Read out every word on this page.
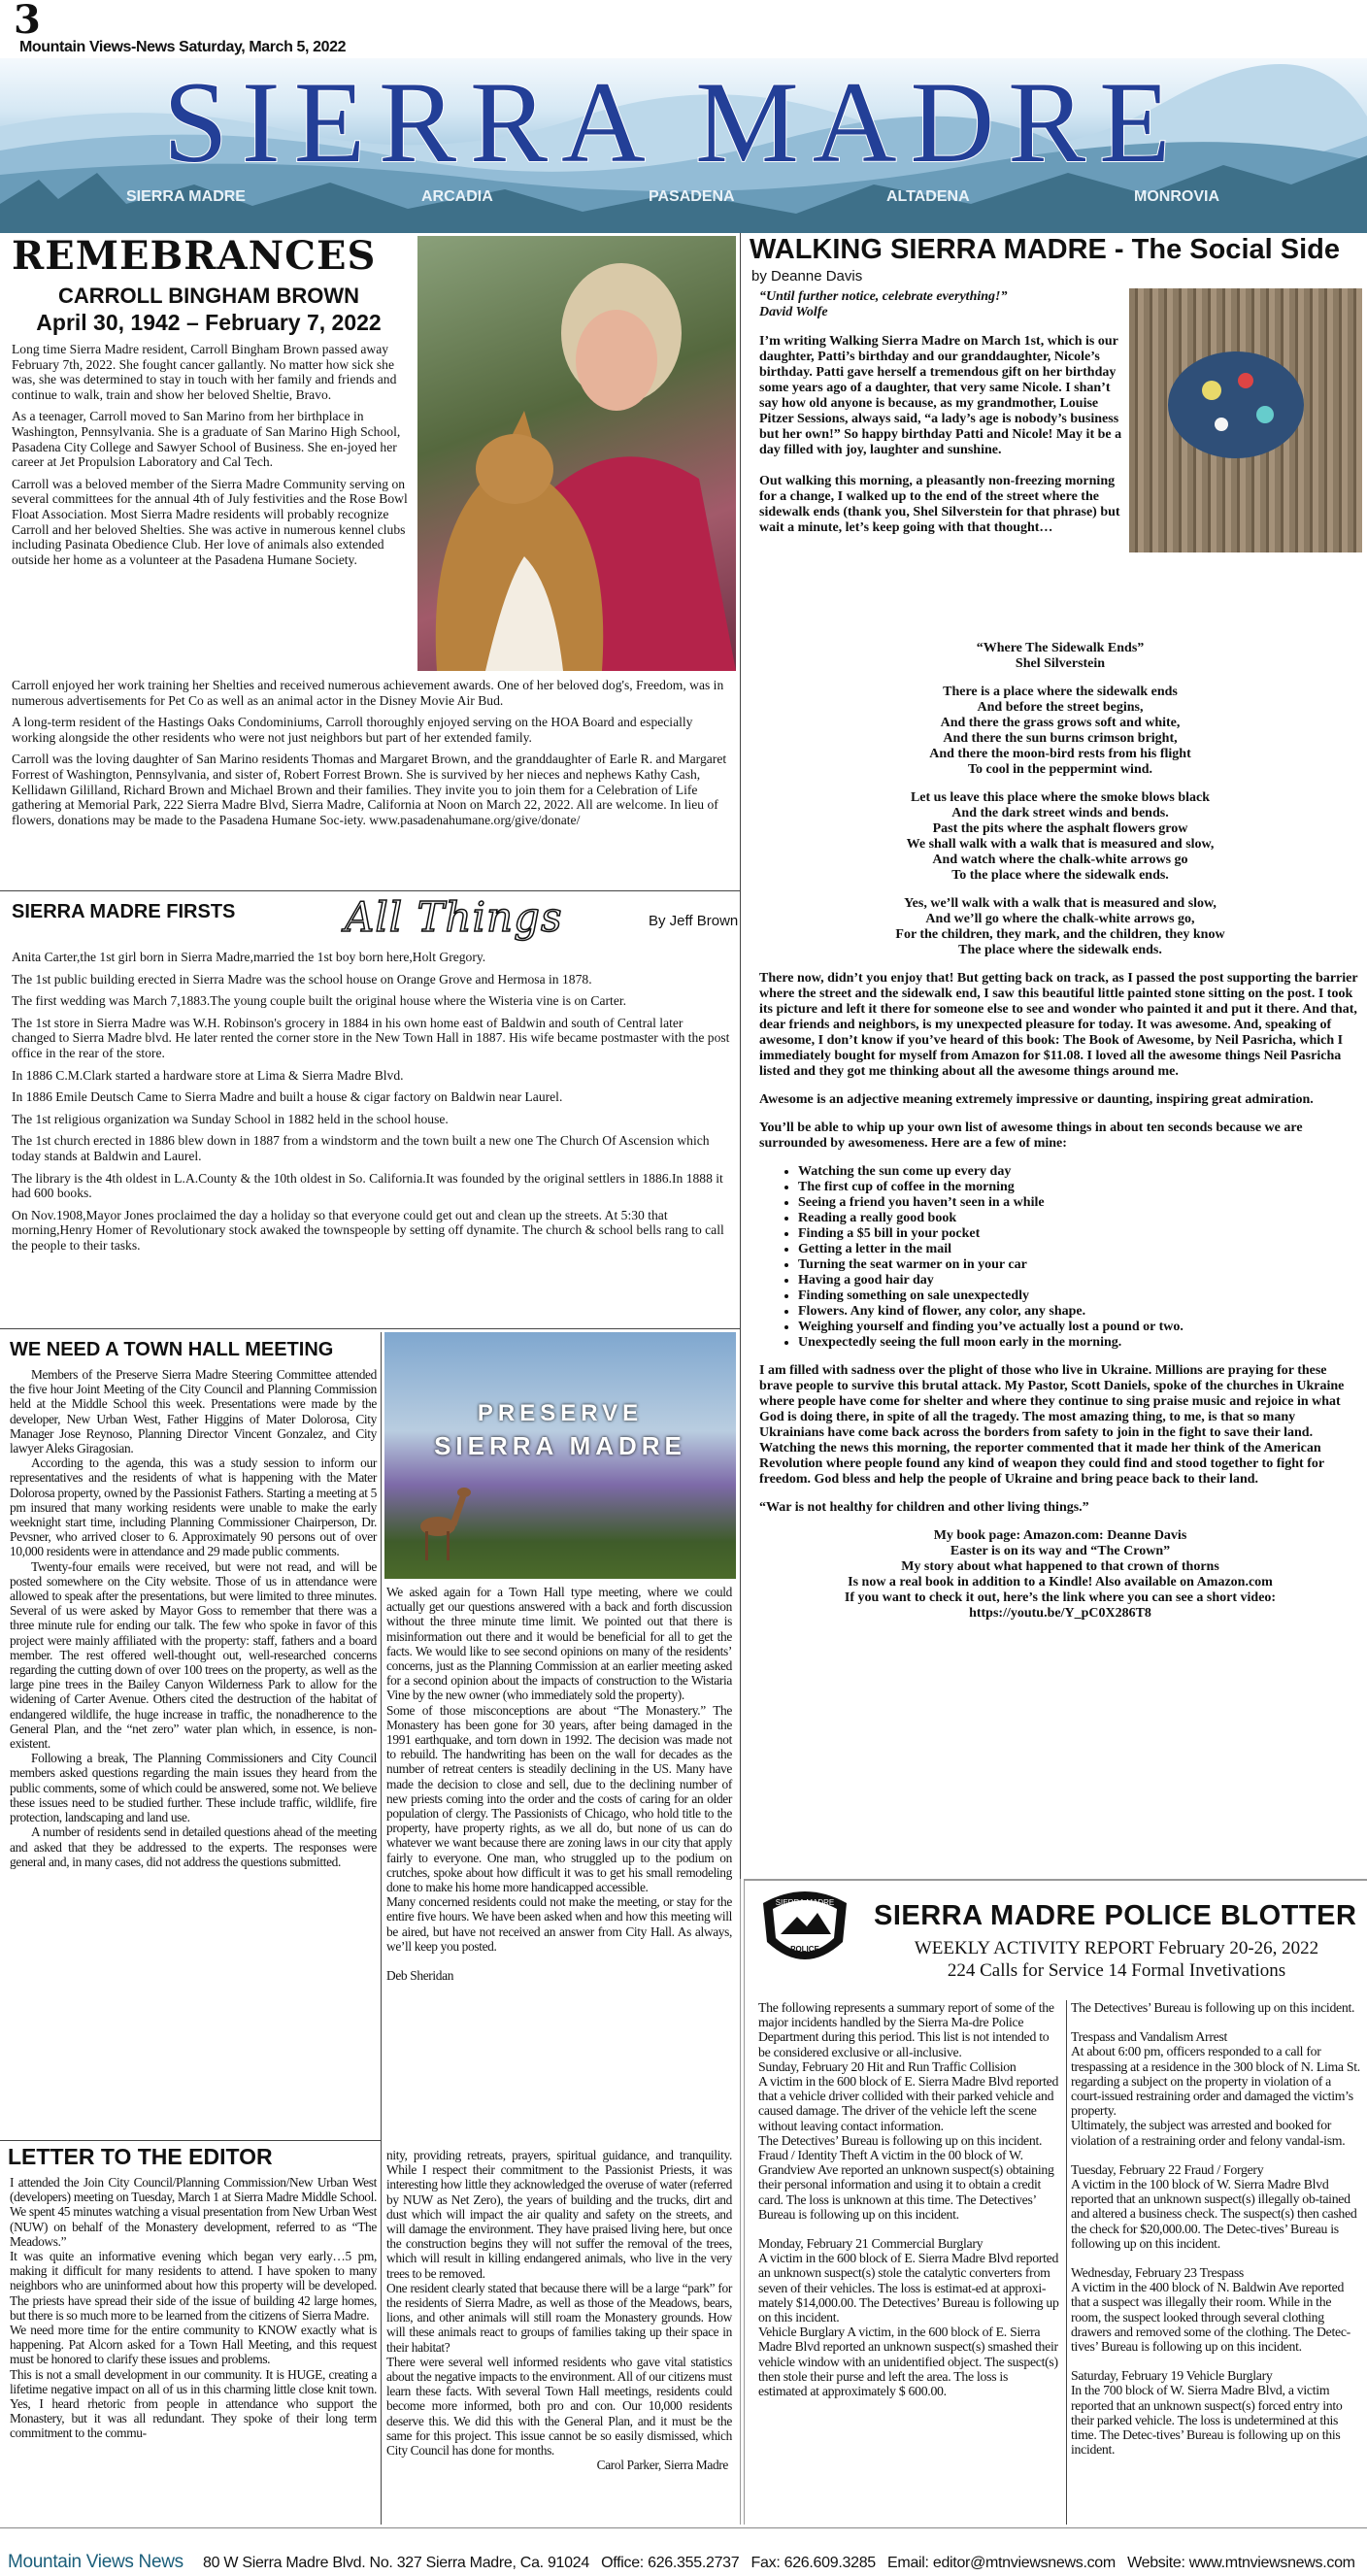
3
Mountain Views-News Saturday, March 5, 2022
SIERRA MADRE
SIERRA MADRE	ARCADIA	PASADENA	ALTADENA	MONROVIA
REMEBRANCES
CARROLL BINGHAM BROWN
April 30, 1942 – February 7, 2022

Long time Sierra Madre resident, Carroll Bingham Brown passed away February 7th, 2022. She fought cancer gallantly. No matter how sick she was, she was determined to stay in touch with her family and friends and continue to walk, train and show her beloved Sheltie, Bravo.

As a teenager, Carroll moved to San Marino from her birthplace in Washington, Pennsylvania. She is a graduate of San Marino High School, Pasadena City College and Sawyer School of Business. She en-joyed her career at Jet Propulsion Laboratory and Cal Tech.

Carroll was a beloved member of the Sierra Madre Community serving on several committees for the annual 4th of July festivities and the Rose Bowl Float Association. Most Sierra Madre residents will probably recognize Carroll and her beloved Shelties. She was active in numerous kennel clubs including Pasinata Obedience Club. Her love of animals also extended outside her home as a volunteer at the Pasadena Humane Society.

Carroll enjoyed her work training her Shelties and received numerous achievement awards. One of her beloved dog's, Freedom, was in numerous advertisements for Pet Co as well as an animal actor in the Disney Movie Air Bud.

A long-term resident of the Hastings Oaks Condominiums, Carroll thoroughly enjoyed serving on the HOA Board and especially working alongside the other residents who were not just neighbors but part of her extended family.

Carroll was the loving daughter of San Marino residents Thomas and Margaret Brown, and the granddaughter of Earle R. and Margaret Forrest of Washington, Pennsylvania, and sister of, Robert Forrest Brown. She is survived by her nieces and nephews Kathy Cash, Kellidawn Gililland, Richard Brown and Michael Brown and their families. They invite you to join them for a Celebration of Life gathering at Memorial Park, 222 Sierra Madre Blvd, Sierra Madre, California at Noon on March 22, 2022. All are welcome. In lieu of flowers, donations may be made to the Pasadena Humane Soc-iety. www.pasadenahumane.org/give/donate/

SIERRA MADRE FIRSTS	All Things	By Jeff Brown

Anita Carter,the 1st girl born in Sierra Madre,married the 1st boy born here,Holt Gregory.

The 1st public building erected in Sierra Madre was the school house on Orange Grove and Hermosa in 1878.

The first wedding was March 7,1883.The young couple built the original house where the Wisteria vine is on Carter.

The 1st store in Sierra Madre was W.H. Robinson's grocery in 1884 in his own home east of Baldwin and south of Central later changed to Sierra Madre blvd. He later rented the corner store in the New Town Hall in 1887. His wife became postmaster with the post office in the rear of the store.

In 1886 C.M.Clark started a hardware store at Lima & Sierra Madre Blvd.

In 1886 Emile Deutsch Came to Sierra Madre and built a house & cigar factory on Baldwin near Laurel.

The 1st religious organization wa Sunday School in 1882 held in the school house.

The 1st church erected in 1886 blew down in 1887 from a windstorm and the town built a new one The Church Of Ascension which today stands at Baldwin and Laurel.

The library is the 4th oldest in L.A.County & the 10th oldest in So. California.It was founded by the original settlers in 1886.In 1888 it had 600 books.

On Nov.1908,Mayor Jones proclaimed the day a holiday so that everyone could get out and clean up the streets. At 5:30 that morning,Henry Homer of Revolutionary stock awaked the townspeople by setting off dynamite. The church & school bells rang to call the people to their tasks.

WE NEED A TOWN HALL MEETING

Members of the Preserve Sierra Madre Steering Committee attended the five hour Joint Meeting of the City Council and Planning Commission held at the Middle School this week. Presentations were made by the developer, New Urban West, Father Higgins of Mater Dolorosa, City Manager Jose Reynoso, Planning Director Vincent Gonzalez, and City lawyer Aleks Giragosian.

According to the agenda, this was a study session to inform our representatives and the residents of what is happening with the Mater Dolorosa property, owned by the Passionist Fathers. Starting a meeting at 5 pm insured that many working residents were unable to make the early weeknight start time, including Planning Commissioner Chairperson, Dr. Pevsner, who arrived closer to 6. Approximately 90 persons out of over 10,000 residents were in attendance and 29 made public comments.

Twenty-four emails were received, but were not read, and will be posted somewhere on the City website. Those of us in attendance were allowed to speak after the presentations, but were limited to three minutes. Several of us were asked by Mayor Goss to remember that there was a three minute rule for ending our talk. The few who spoke in favor of this project were mainly affiliated with the property: staff, fathers and a board member. The rest offered well-thought out, well-researched concerns regarding the cutting down of over 100 trees on the property, as well as the large pine trees in the Bailey Canyon Wilderness Park to allow for the widening of Carter Avenue. Others cited the destruction of the habitat of endangered wildlife, the huge increase in traffic, the nonadherence to the General Plan, and the “net zero” water plan which, in essence, is non-existent.

Following a break, The Planning Commissioners and City Council members asked questions regarding the main issues they heard from the public comments, some of which could be answered, some not. We believe these issues need to be studied further. These include traffic, wildlife, fire protection, landscaping and land use.

A number of residents send in detailed questions ahead of the meeting and asked that they be addressed to the experts. The responses were general and, in many cases, did not address the questions submitted.

PRESERVE
SIERRA MADRE

We asked again for a Town Hall type meeting, where we could actually get our questions answered with a back and forth discussion without the three minute time limit. We pointed out that there is misinformation out there and it would be beneficial for all to get the facts. We would like to see second opinions on many of the residents’ concerns, just as the Planning Commission at an earlier meeting asked for a second opinion about the impacts of construction to the Wistaria Vine by the new owner (who immediately sold the property).

Some of those misconceptions are about “The Monastery.” The Monastery has been gone for 30 years, after being damaged in the 1991 earthquake, and torn down in 1992. The decision was made not to rebuild. The handwriting has been on the wall for decades as the number of retreat centers is steadily declining in the US. Many have made the decision to close and sell, due to the declining number of new priests coming into the order and the costs of caring for an older population of clergy. The Passionists of Chicago, who hold title to the property, have property rights, as we all do, but none of us can do whatever we want because there are zoning laws in our city that apply fairly to everyone. One man, who struggled up to the podium on crutches, spoke about how difficult it was to get his small remodeling done to make his home more handicapped accessible.

Many concerned residents could not make the meeting, or stay for the entire five hours. We have been asked when and how this meeting will be aired, but have not received an answer from City Hall. As always, we’ll keep you posted.

Deb Sheridan

LETTER TO THE EDITOR

I attended the Join City Council/Planning Commission/New Urban West (developers) meeting on Tuesday, March 1 at Sierra Madre Middle School. We spent 45 minutes watching a visual presentation from New Urban West (NUW) on behalf of the Monastery development, referred to as “The Meadows.”

It was quite an informative evening which began very early…5 pm, making it difficult for many residents to attend. I have spoken to many neighbors who are uninformed about how this property will be developed. The priests have spread their side of the issue of building 42 large homes, but there is so much more to be learned from the citizens of Sierra Madre.

We need more time for the entire community to KNOW exactly what is happening. Pat Alcorn asked for a Town Hall Meeting, and this request must be honored to clarify these issues and problems.

This is not a small development in our community. It is HUGE, creating a lifetime negative impact on all of us in this charming little close knit town. Yes, I heard rhetoric from people in attendance who support the Monastery, but it was all redundant. They spoke of their long term commitment to the commu-

nity, providing retreats, prayers, spiritual guidance, and tranquility. While I respect their commitment to the Passionist Priests, it was interesting how little they acknowledged the overuse of water (referred by NUW as Net Zero), the years of building and the trucks, dirt and dust which will impact the air quality and safety on the streets, and will damage the environment. They have praised living here, but once the construction begins they will not suffer the removal of the trees, which will result in killing endangered animals, who live in the very trees to be removed.

One resident clearly stated that because there will be a large “park” for the residents of Sierra Madre, as well as those of the Meadows, bears, lions, and other animals will still roam the Monastery grounds. How will these animals react to groups of families taking up their space in their habitat?

There were several well informed residents who gave vital statistics about the negative impacts to the environment. All of our citizens must learn these facts. With several Town Hall meetings, residents could become more informed, both pro and con. Our 10,000 residents deserve this. We did this with the General Plan, and it must be the same for this project. This issue cannot be so easily dismissed, which City Council has done for months.

Carol Parker, Sierra Madre

WALKING SIERRA MADRE - The Social Side
by Deanne Davis
“Until further notice, celebrate everything!”
David Wolfe

I’m writing Walking Sierra Madre on March 1st, which is our daughter, Patti’s birthday and our granddaughter, Nicole’s birthday. Patti gave herself a tremendous gift on her birthday some years ago of a daughter, that very same Nicole. I shan’t say how old anyone is because, as my grandmother, Louise Pitzer Sessions, always said, “a lady’s age is nobody’s business but her own!” So happy birthday Patti and Nicole! May it be a day filled with joy, laughter and sunshine.

Out walking this morning, a pleasantly non-freezing morning for a change, I walked up to the end of the street where the sidewalk ends (thank you, Shel Silverstein for that phrase) but wait a minute, let’s keep going with that thought…

“Where The Sidewalk Ends”
Shel Silverstein
There is a place where the sidewalk ends
And before the street begins,
And there the grass grows soft and white,
And there the sun burns crimson bright,
And there the moon-bird rests from his flight
To cool in the peppermint wind.
Let us leave this place where the smoke blows black
And the dark street winds and bends.
Past the pits where the asphalt flowers grow
We shall walk with a walk that is measured and slow,
And watch where the chalk-white arrows go
To the place where the sidewalk ends.
Yes, we’ll walk with a walk that is measured and slow,
And we’ll go where the chalk-white arrows go,
For the children, they mark, and the children, they know
The place where the sidewalk ends.

There now, didn’t you enjoy that! But getting back on track, as I passed the post supporting the barrier where the street and the sidewalk end, I saw this beautiful little painted stone sitting on the post. I took its picture and left it there for someone else to see and wonder who painted it and put it there. And that, dear friends and neighbors, is my unexpected pleasure for today. It was awesome. And, speaking of awesome, I don’t know if you’ve heard of this book: The Book of Awesome, by Neil Pasricha, which I immediately bought for myself from Amazon for $11.08. I loved all the awesome things Neil Pasricha listed and they got me thinking about all the awesome things around me.

Awesome is an adjective meaning extremely impressive or daunting, inspiring great admiration.

You’ll be able to whip up your own list of awesome things in about ten seconds because we are surrounded by awesomeness. Here are a few of mine:

• Watching the sun come up every day
• The first cup of coffee in the morning
• Seeing a friend you haven’t seen in a while
• Reading a really good book
• Finding a $5 bill in your pocket
• Getting a letter in the mail
• Turning the seat warmer on in your car
• Having a good hair day
• Finding something on sale unexpectedly
• Flowers. Any kind of flower, any color, any shape.
• Weighing yourself and finding you’ve actually lost a pound or two.
• Unexpectedly seeing the full moon early in the morning.

I am filled with sadness over the plight of those who live in Ukraine. Millions are praying for these brave people to survive this brutal attack. My Pastor, Scott Daniels, spoke of the churches in Ukraine where people have come for shelter and where they continue to sing praise music and rejoice in what God is doing there, in spite of all the tragedy. The most amazing thing, to me, is that so many Ukrainians have come back across the borders from safety to join in the fight to save their land. Watching the news this morning, the reporter commented that it made her think of the American Revolution where people found any kind of weapon they could find and stood together to fight for freedom. God bless and help the people of Ukraine and bring peace back to their land.

“War is not healthy for children and other living things.”

My book page: Amazon.com: Deanne Davis
Easter is on its way and “The Crown”
My story about what happened to that crown of thorns
Is now a real book in addition to a Kindle! Also available on Amazon.com
If you want to check it out, here’s the link where you can see a short video:
https://youtu.be/Y_pC0X286T8
SIERRA MADRE
POLICE
SIERRA MADRE POLICE BLOTTER
WEEKLY ACTIVITY REPORT February 20-26, 2022
224 Calls for Service 14 Formal Invetivations

The following represents a summary report of some of the major incidents handled by the Sierra Ma-dre Police Department during this period. This list is not intended to be considered exclusive or all-inclusive.

Sunday, February 20 Hit and Run Traffic Collision

A victim in the 600 block of E. Sierra Madre Blvd reported that a vehicle driver collided with their parked vehicle and caused damage. The driver of the vehicle left the scene without leaving contact information.

The Detectives’ Bureau is following up on this incident.

Fraud / Identity Theft A victim in the 00 block of W. Grandview Ave reported an unknown suspect(s) obtaining their personal information and using it to obtain a credit card. The loss is unknown at this time. The Detectives’ Bureau is following up on this incident.

Monday, February 21 Commercial Burglary

A victim in the 600 block of E. Sierra Madre Blvd reported an unknown suspect(s) stole the catalytic converters from seven of their vehicles. The loss is estimat-ed at approxi-mately $14,000.00. The Detectives’ Bureau is following up on this incident.

Vehicle Burglary A victim, in the 600 block of E. Sierra Madre Blvd reported an unknown suspect(s) smashed their vehicle window with an unidentified object. The suspect(s) then stole their purse and left the area. The loss is estimated at approximately $ 600.00.

The Detectives’ Bureau is following up on this incident.

Trespass and Vandalism Arrest

At about 6:00 pm, officers responded to a call for trespassing at a residence in the 300 block of N. Lima St. regarding a subject on the property in violation of a court-issued restraining order and damaged the victim’s property.

Ultimately, the subject was arrested and booked for violation of a restraining order and felony vandal-ism.

Tuesday, February 22 Fraud / Forgery

A victim in the 100 block of W. Sierra Madre Blvd reported that an unknown suspect(s) illegally ob-tained and altered a business check. The suspect(s) then cashed the check for $20,000.00. The Detec-tives’ Bureau is following up on this incident.

Wednesday, February 23 Trespass

A victim in the 400 block of N. Baldwin Ave reported that a suspect was illegally their room. While in the room, the suspect looked through several clothing drawers and removed some of the clothing. The Detec-tives’ Bureau is following up on this incident.

Saturday, February 19 Vehicle Burglary

In the 700 block of W. Sierra Madre Blvd, a victim reported that an unknown suspect(s) forced entry into their parked vehicle. The loss is undetermined at this time. The Detec-tives’ Bureau is following up on this incident.

Mountain Views News 80 W Sierra Madre Blvd. No. 327 Sierra Madre, Ca. 91024 Office: 626.355.2737 Fax: 626.609.3285 Email: editor@mtnviewsnews.com Website: www.mtnviewsnews.com
